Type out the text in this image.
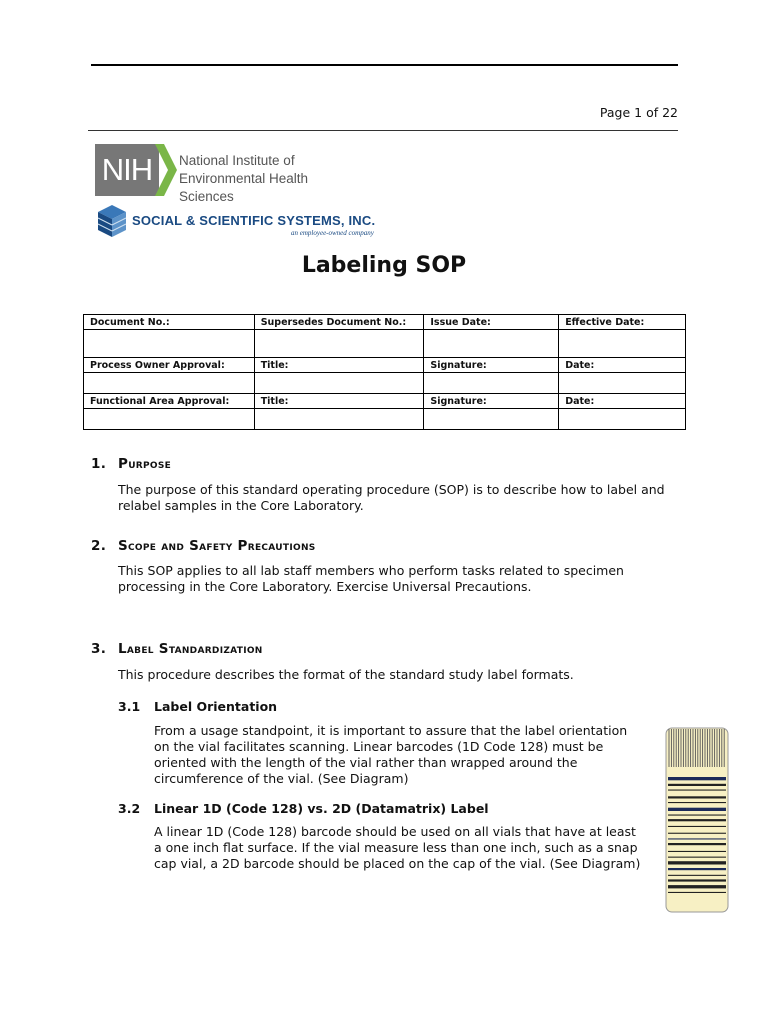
Page 1 of 22
NIH	National Institute of
Environmental Health Sciences
SOCIAL & SCIENTIFIC SYSTEMS, INC.
an employee-owned company
Labeling SOP
Document No.:	Supersedes Document No.:	Issue Date:	Effective Date:

Process Owner Approval:	Title:	Signature:	Date:

Functional Area Approval:	Title:	Signature:	Date:

1. Purpose
The purpose of this standard operating procedure (SOP) is to describe how to label and relabel samples in the Core Laboratory.
2. Scope and Safety Precautions
This SOP applies to all lab staff members who perform tasks related to specimen processing in the Core Laboratory. Exercise Universal Precautions.
3. Label Standardization
This procedure describes the format of the standard study label formats.
3.1 Label Orientation
From a usage standpoint, it is important to assure that the label orientation on the vial facilitates scanning. Linear barcodes (1D Code 128) must be oriented with the length of the vial rather than wrapped around the circumference of the vial. (See Diagram)
3.2 Linear 1D (Code 128) vs. 2D (Datamatrix) Label
A linear 1D (Code 128) barcode should be used on all vials that have at least a one inch flat surface. If the vial measure less than one inch, such as a snap cap vial, a 2D barcode should be placed on the cap of the vial. (See Diagram)
